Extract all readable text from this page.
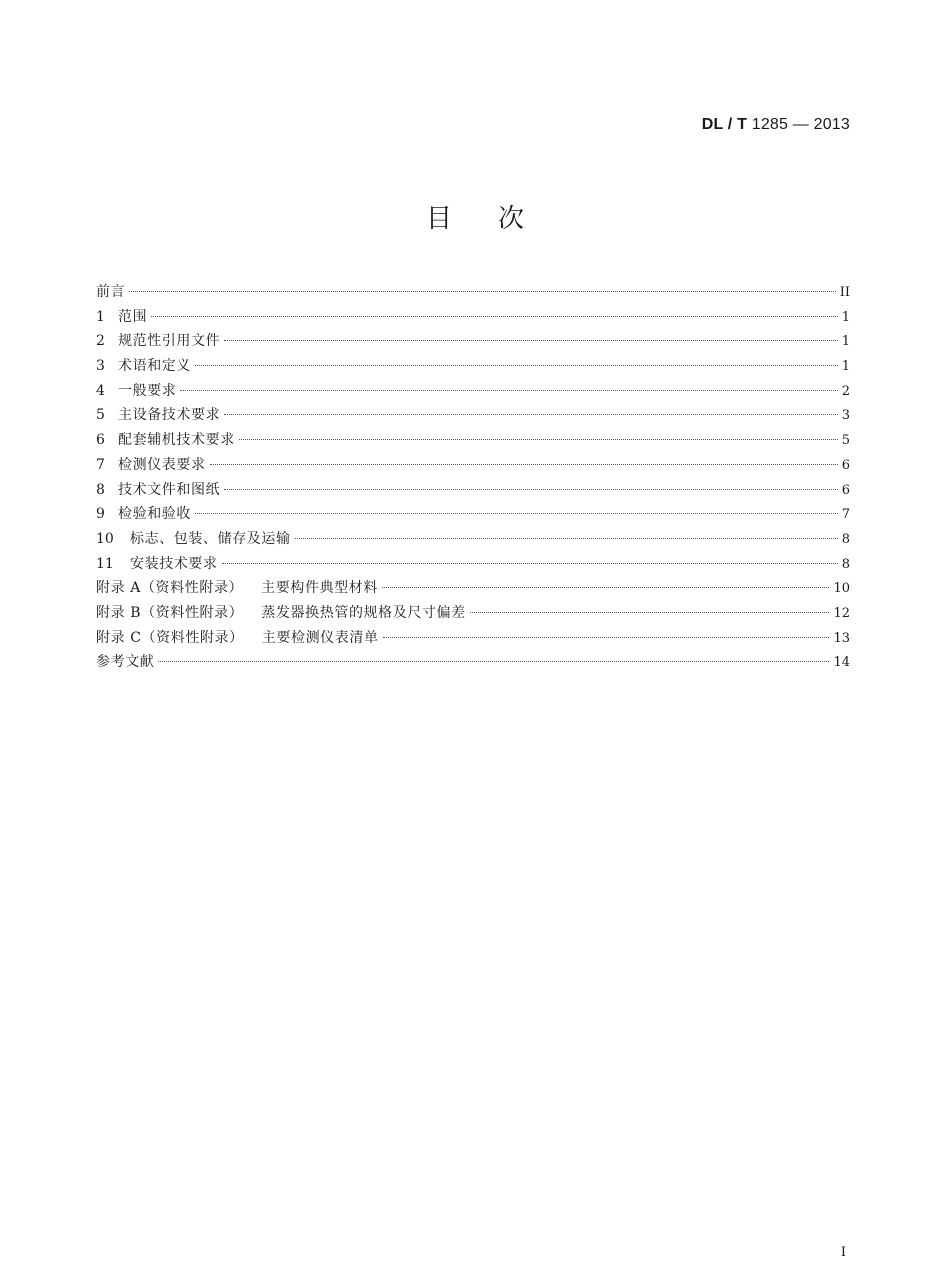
DL / T 1285 — 2013
目次
前言	II
1 范围	1
2 规范性引用文件	1
3 术语和定义	1
4 一般要求	2
5 主设备技术要求	3
6 配套辅机技术要求	5
7 检测仪表要求	6
8 技术文件和图纸	6
9 检验和验收	7
10	标志、包装、储存及运输	8
11	安装技术要求	8
附录 A（资料性附录） 主要构件典型材料	10
附录 B（资料性附录） 蒸发器换热管的规格及尺寸偏差	12
附录 C（资料性附录） 主要检测仪表清单	13
参考文献	14
I
